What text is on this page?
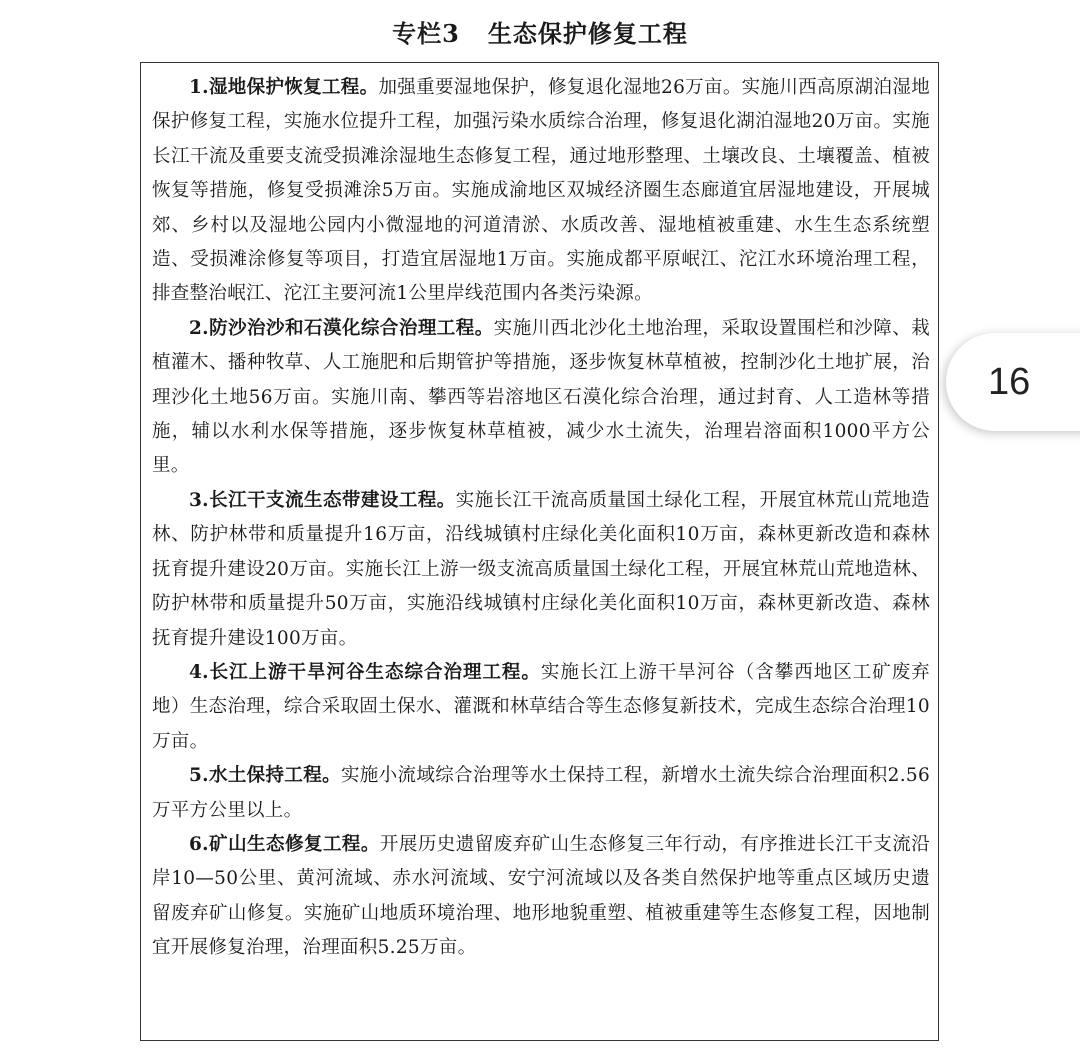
专栏3 生态保护修复工程

1.湿地保护恢复工程。加强重要湿地保护，修复退化湿地26万亩。实施川西高原湖泊湿地保护修复工程，实施水位提升工程，加强污染水质综合治理，修复退化湖泊湿地20万亩。实施长江干流及重要支流受损滩涂湿地生态修复工程，通过地形整理、土壤改良、土壤覆盖、植被恢复等措施，修复受损滩涂5万亩。实施成渝地区双城经济圈生态廊道宜居湿地建设，开展城郊、乡村以及湿地公园内小微湿地的河道清淤、水质改善、湿地植被重建、水生生态系统塑造、受损滩涂修复等项目，打造宜居湿地1万亩。实施成都平原岷江、沱江水环境治理工程，排查整治岷江、沱江主要河流1公里岸线范围内各类污染源。

2.防沙治沙和石漠化综合治理工程。实施川西北沙化土地治理，采取设置围栏和沙障、栽植灌木、播种牧草、人工施肥和后期管护等措施，逐步恢复林草植被，控制沙化土地扩展，治理沙化土地56万亩。实施川南、攀西等岩溶地区石漠化综合治理，通过封育、人工造林等措施，辅以水利水保等措施，逐步恢复林草植被，减少水土流失，治理岩溶面积1000平方公里。

3.长江干支流生态带建设工程。实施长江干流高质量国土绿化工程，开展宜林荒山荒地造林、防护林带和质量提升16万亩，沿线城镇村庄绿化美化面积10万亩，森林更新改造和森林抚育提升建设20万亩。实施长江上游一级支流高质量国土绿化工程，开展宜林荒山荒地造林、防护林带和质量提升50万亩，实施沿线城镇村庄绿化美化面积10万亩，森林更新改造、森林抚育提升建设100万亩。

4.长江上游干旱河谷生态综合治理工程。实施长江上游干旱河谷（含攀西地区工矿废弃地）生态治理，综合采取固土保水、灌溉和林草结合等生态修复新技术，完成生态综合治理10万亩。

5.水土保持工程。实施小流域综合治理等水土保持工程，新增水土流失综合治理面积2.56万平方公里以上。

6.矿山生态修复工程。开展历史遗留废弃矿山生态修复三年行动，有序推进长江干支流沿岸10—50公里、黄河流域、赤水河流域、安宁河流域以及各类自然保护地等重点区域历史遗留废弃矿山修复。实施矿山地质环境治理、地形地貌重塑、植被重建等生态修复工程，因地制宜开展修复治理，治理面积5.25万亩。

16
